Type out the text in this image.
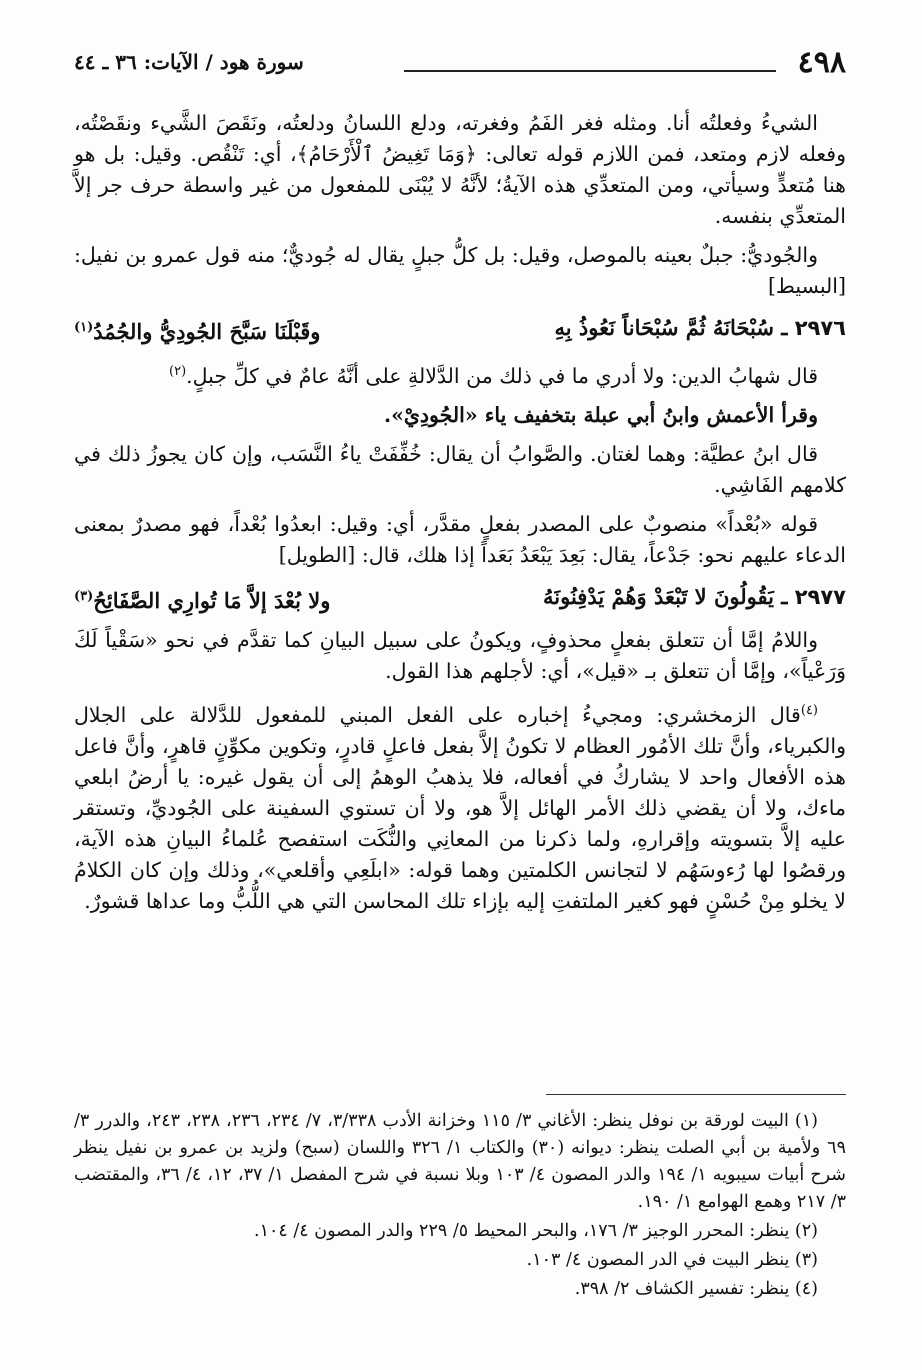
٤٩٨
سورة هود / الآيات: ٣٦ ـ ٤٤

الشيءُ وفعلتُه أنا. ومثله فغر الفَمُ وفغرته، ودلع اللسانُ ودلعتُه، ونَقَصَ الشَّيء ونقَصْتُه، وفعله لازم ومتعد، فمن اللازم قوله تعالى: ﴿وَمَا تَغِيضُ ٱلْأَرْحَامُ﴾، أي: تَنْقُص. وقيل: بل هو هنا مُتعدٍّ وسيأتي، ومن المتعدِّي هذه الآيةُ؛ لأنَّهُ لا يُبْنَى للمفعول من غير واسطة حرف جر إلاَّ المتعدِّي بنفسه.

والجُوديُّ: جبلٌ بعينه بالموصل، وقيل: بل كلُّ جبلٍ يقال له جُوديٌّ؛ منه قول عمرو بن نفيل: [البسيط]

٢٩٧٦ ـ سُبْحَانَهُ ثُمَّ سُبْحَاناً نَعُوذُ بِهِ
وقَبْلَنَا سَبَّحَ الجُودِيُّ والجُمُدُ$^{(١)}$

قال شهابُ الدين: ولا أدري ما في ذلك من الدَّلالةِ على أنَّهُ عامٌ في كلِّ جبلٍ.$^{(٢)}$

وقرأ الأعمش وابنُ أبي عبلة بتخفيف ياء «الجُودِيْ».

قال ابنُ عطيَّة: وهما لغتان. والصَّوابُ أن يقال: خُفِّفَتْ ياءُ النَّسَب، وإن كان يجوزُ ذلك في كلامهم الفَاشِي.

قوله «بُعْداً» منصوبٌ على المصدر بفعلٍ مقدَّر، أي: وقيل: ابعدُوا بُعْداً، فهو مصدرٌ بمعنى الدعاء عليهم نحو: جَدْعاً، يقال: بَعِدَ يَبْعَدُ بَعَداً إذا هلك، قال: [الطويل]

٢٩٧٧ ـ يَقُولُونَ لا تَبْعَدْ وَهُمْ يَدْفِنُونَهُ
ولا بُعْدَ إلاَّ مَا تُوارِي الصَّفَائِحُ$^{(٣)}$

واللامُ إمَّا أن تتعلق بفعلٍ محذوفٍ، ويكونُ على سبيل البيانِ كما تقدَّم في نحو «سَقْياً لَكَ وَرَعْياً»، وإمَّا أن تتعلق بـ «قيل»، أي: لأجلهم هذا القول.

$^{(٤)}$قال الزمخشري: ومجيءُ إخباره على الفعل المبني للمفعول للدَّلالة على الجلال والكبرياء، وأنَّ تلك الأمُور العظام لا تكونُ إلاَّ بفعل فاعلٍ قادرٍ، وتكوين مكوِّنٍ قاهرٍ، وأنَّ فاعل هذه الأفعال واحد لا يشاركُ في أفعاله، فلا يذهبُ الوهمُ إلى أن يقول غيره: يا أرضُ ابلعي ماءك، ولا أن يقضي ذلك الأمر الهائل إلاَّ هو، ولا أن تستوي السفينة على الجُوديِّ، وتستقر عليه إلاَّ بتسويته وإقرارهِ، ولما ذكرنا من المعانِي والنُّكَت استفصح عُلماءُ البيانِ هذه الآية، ورقصُوا لها رُءوسَهُم لا لتجانس الكلمتين وهما قوله: «ابلَعِي وأقلعي»، وذلك وإن كان الكلامُ لا يخلو مِنْ حُسْنٍ فهو كغير الملتفتِ إليه بإزاء تلك المحاسن التي هي اللُّبُّ وما عداها قشورٌ.

(١) البيت لورقة بن نوفل ينظر: الأغاني ٣/ ١١٥ وخزانة الأدب ٣/٣٣٨، ٧/ ٢٣٤، ٢٣٦، ٢٣٨، ٢٤٣، والدرر ٣/ ٦٩ ولأمية بن أبي الصلت ينظر: ديوانه (٣٠) والكتاب ١/ ٣٢٦ واللسان (سبح) ولزيد بن عمرو بن نفيل ينظر شرح أبيات سيبويه ١/ ١٩٤ والدر المصون ٤/ ١٠٣ وبلا نسبة في شرح المفصل ١/ ٣٧، ١٢، ٤/ ٣٦، والمقتضب ٣/ ٢١٧ وهمع الهوامع ١/ ١٩٠.

(٢) ينظر: المحرر الوجيز ٣/ ١٧٦، والبحر المحيط ٥/ ٢٢٩ والدر المصون ٤/ ١٠٤.

(٣) ينظر البيت في الدر المصون ٤/ ١٠٣.

(٤) ينظر: تفسير الكشاف ٢/ ٣٩٨.
